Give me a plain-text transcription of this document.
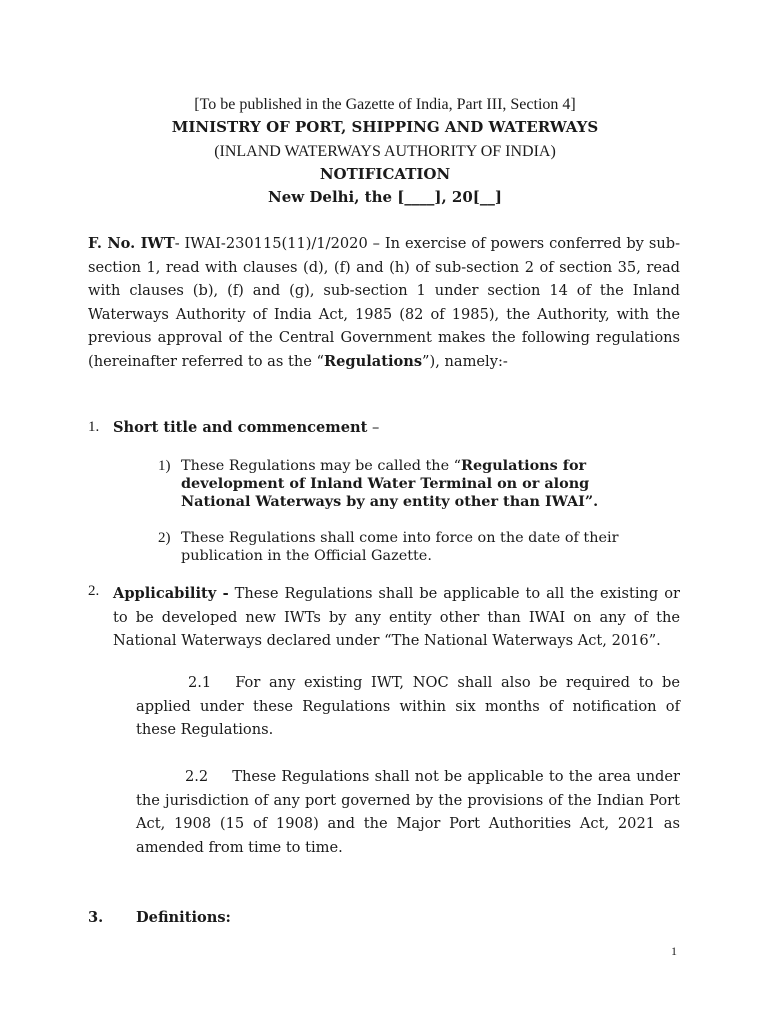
[To be published in the Gazette of India, Part III, Section 4]
MINISTRY OF PORT, SHIPPING AND WATERWAYS
(INLAND WATERWAYS AUTHORITY OF INDIA)
NOTIFICATION
New Delhi, the [____], 20[__]
F. No. IWT- IWAI-230115(11)/1/2020 – In exercise of powers conferred by sub-section 1, read with clauses (d), (f) and (h) of sub-section 2 of section 35, read with clauses (b), (f) and (g), sub-section 1 under section 14 of the Inland Waterways Authority of India Act, 1985 (82 of 1985), the Authority, with the previous approval of the Central Government makes the following regulations (hereinafter referred to as the “Regulations”), namely:-
1. Short title and commencement –
1) These Regulations may be called the “Regulations for development of Inland Water Terminal on or along National Waterways by any entity other than IWAI”.
2) These Regulations shall come into force on the date of their publication in the Official Gazette.
2. Applicability - These Regulations shall be applicable to all the existing or to be developed new IWTs by any entity other than IWAI on any of the National Waterways declared under “The National Waterways Act, 2016”.
2.1 For any existing IWT, NOC shall also be required to be applied under these Regulations within six months of notification of these Regulations.
2.2 These Regulations shall not be applicable to the area under the jurisdiction of any port governed by the provisions of the Indian Port Act, 1908 (15 of 1908) and the Major Port Authorities Act, 2021 as amended from time to time.
3. Definitions:
1
